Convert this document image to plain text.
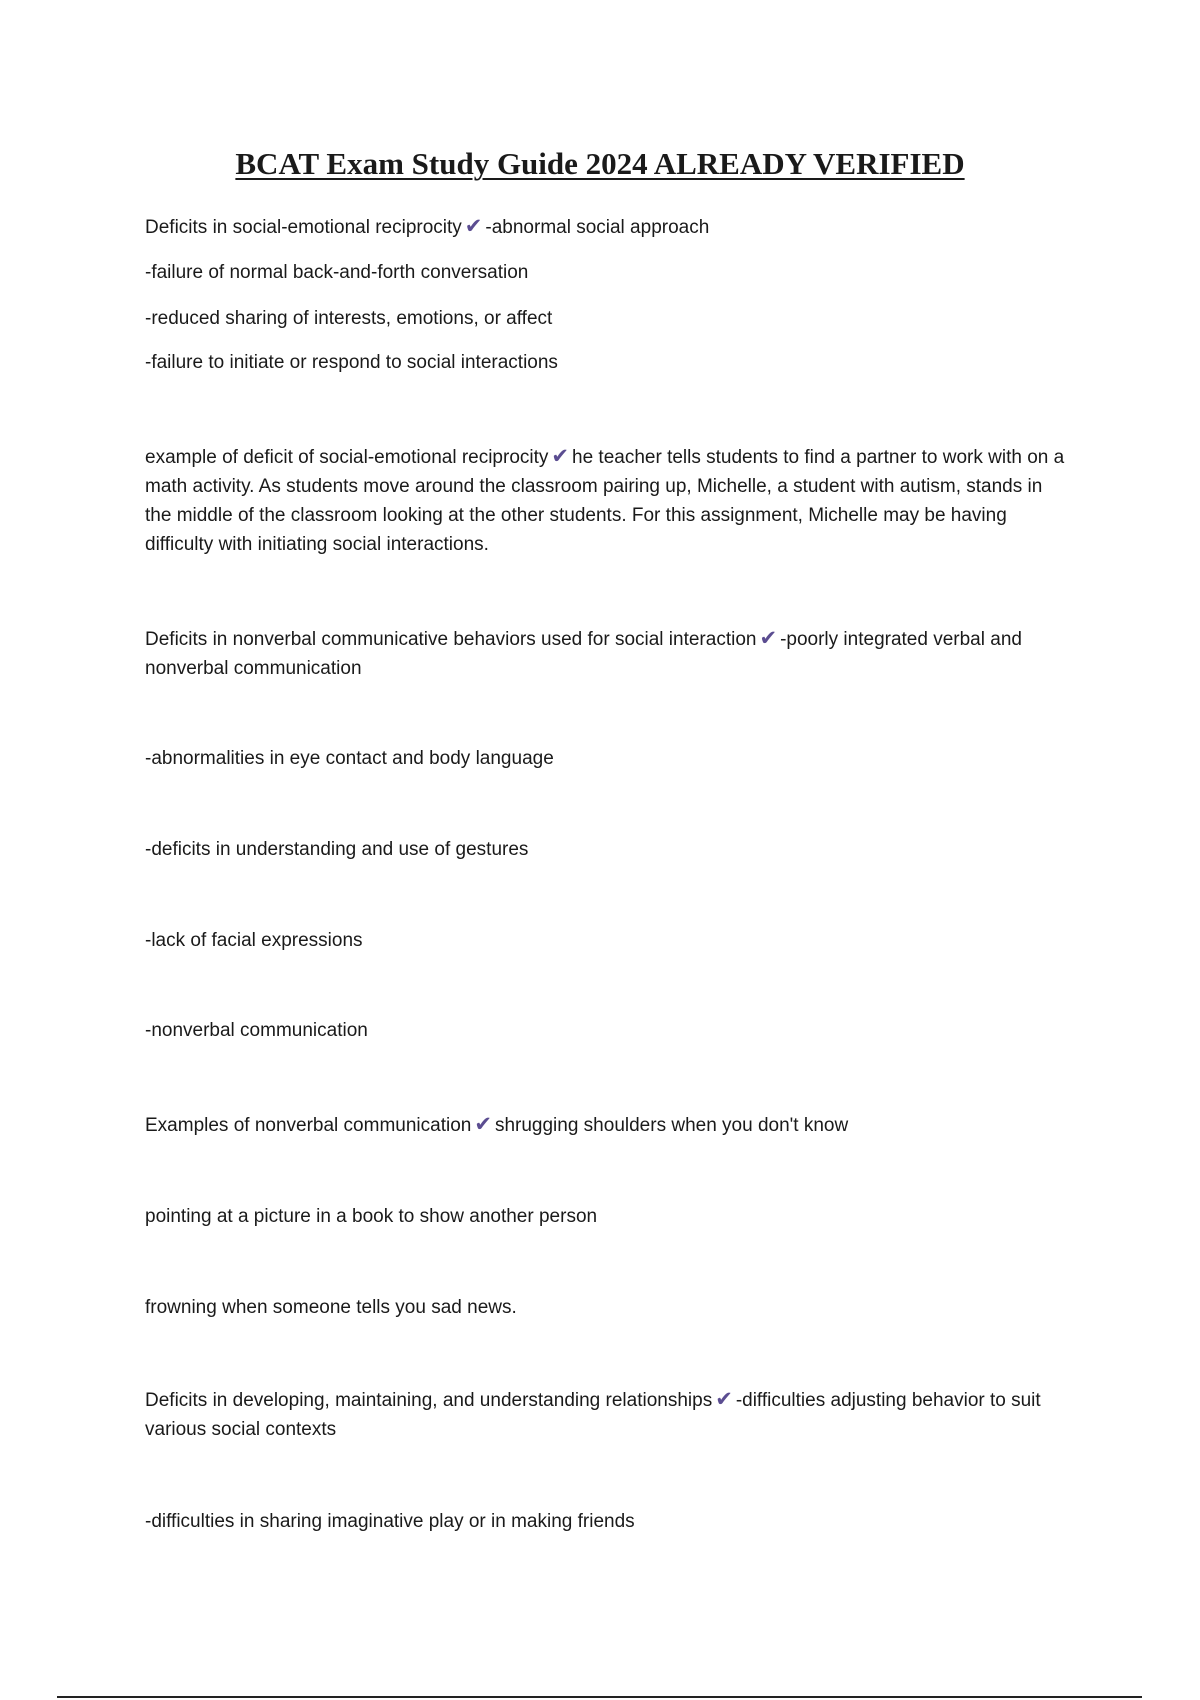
BCAT Exam Study Guide 2024 ALREADY VERIFIED
Deficits in social-emotional reciprocity ✔ -abnormal social approach
-failure of normal back-and-forth conversation
-reduced sharing of interests, emotions, or affect
-failure to initiate or respond to social interactions
example of deficit of social-emotional reciprocity ✔ he teacher tells students to find a partner to work with on a math activity. As students move around the classroom pairing up, Michelle, a student with autism, stands in the middle of the classroom looking at the other students. For this assignment, Michelle may be having difficulty with initiating social interactions.
Deficits in nonverbal communicative behaviors used for social interaction ✔ -poorly integrated verbal and nonverbal communication
-abnormalities in eye contact and body language
-deficits in understanding and use of gestures
-lack of facial expressions
-nonverbal communication
Examples of nonverbal communication ✔ shrugging shoulders when you don't know
pointing at a picture in a book to show another person
frowning when someone tells you sad news.
Deficits in developing, maintaining, and understanding relationships ✔ -difficulties adjusting behavior to suit various social contexts
-difficulties in sharing imaginative play or in making friends
